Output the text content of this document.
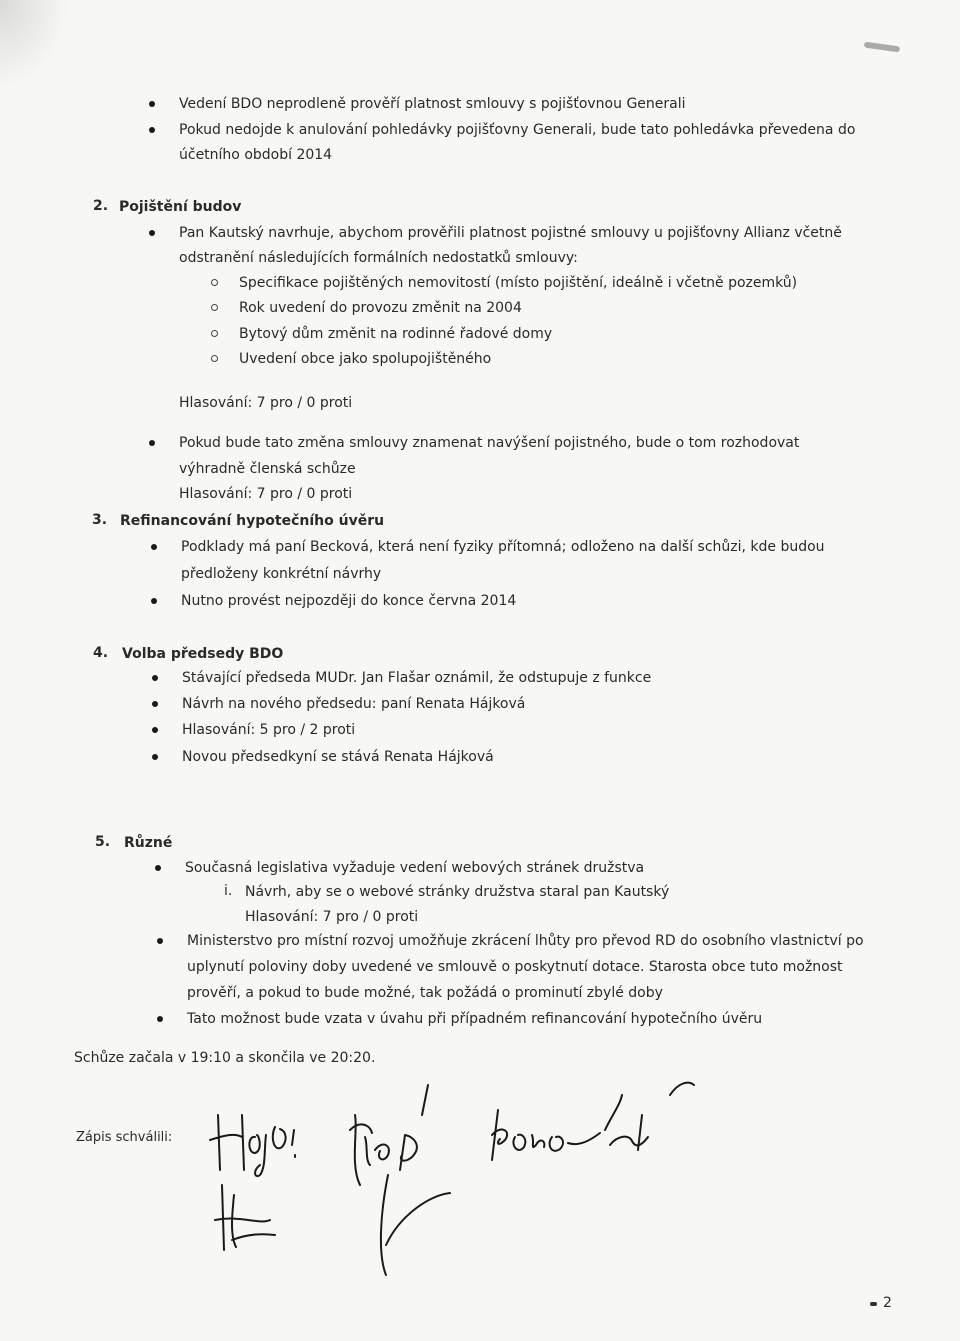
Vedení BDO neprodleně prověří platnost smlouvy s pojišťovnou Generali
Pokud nedojde k anulování pohledávky pojišťovny Generali, bude tato pohledávka převedena do
účetního období 2014
2. Pojištění budov
Pan Kautský navrhuje, abychom prověřili platnost pojistné smlouvy u pojišťovny Allianz včetně
odstranění následujících formálních nedostatků smlouvy:
Specifikace pojištěných nemovitostí (místo pojištění, ideálně i včetně pozemků)
Rok uvedení do provozu změnit na 2004
Bytový dům změnit na rodinné řadové domy
Uvedení obce jako spolupojištěného
Hlasování: 7 pro / 0 proti
Pokud bude tato změna smlouvy znamenat navýšení pojistného, bude o tom rozhodovat
výhradně členská schůze
Hlasování: 7 pro / 0 proti
3. Refinancování hypotečního úvěru
Podklady má paní Becková, která není fyziky přítomná; odloženo na další schůzi, kde budou
předloženy konkrétní návrhy
Nutno provést nejpozději do konce června 2014
4. Volba předsedy BDO
Stávající předseda MUDr. Jan Flašar oznámil, že odstupuje z funkce
Návrh na nového předsedu: paní Renata Hájková
Hlasování: 5 pro / 2 proti
Novou předsedkyní se stává Renata Hájková
5. Různé
Současná legislativa vyžaduje vedení webových stránek družstva
i. Návrh, aby se o webové stránky družstva staral pan Kautský
Hlasování: 7 pro / 0 proti
Ministerstvo pro místní rozvoj umožňuje zkrácení lhůty pro převod RD do osobního vlastnictví po
uplynutí poloviny doby uvedené ve smlouvě o poskytnutí dotace. Starosta obce tuto možnost
prověří, a pokud to bude možné, tak požádá o prominutí zbylé doby
Tato možnost bude vzata v úvahu při případném refinancování hypotečního úvěru
Schůze začala v 19:10 a skončila ve 20:20.
Zápis schválili:
2
